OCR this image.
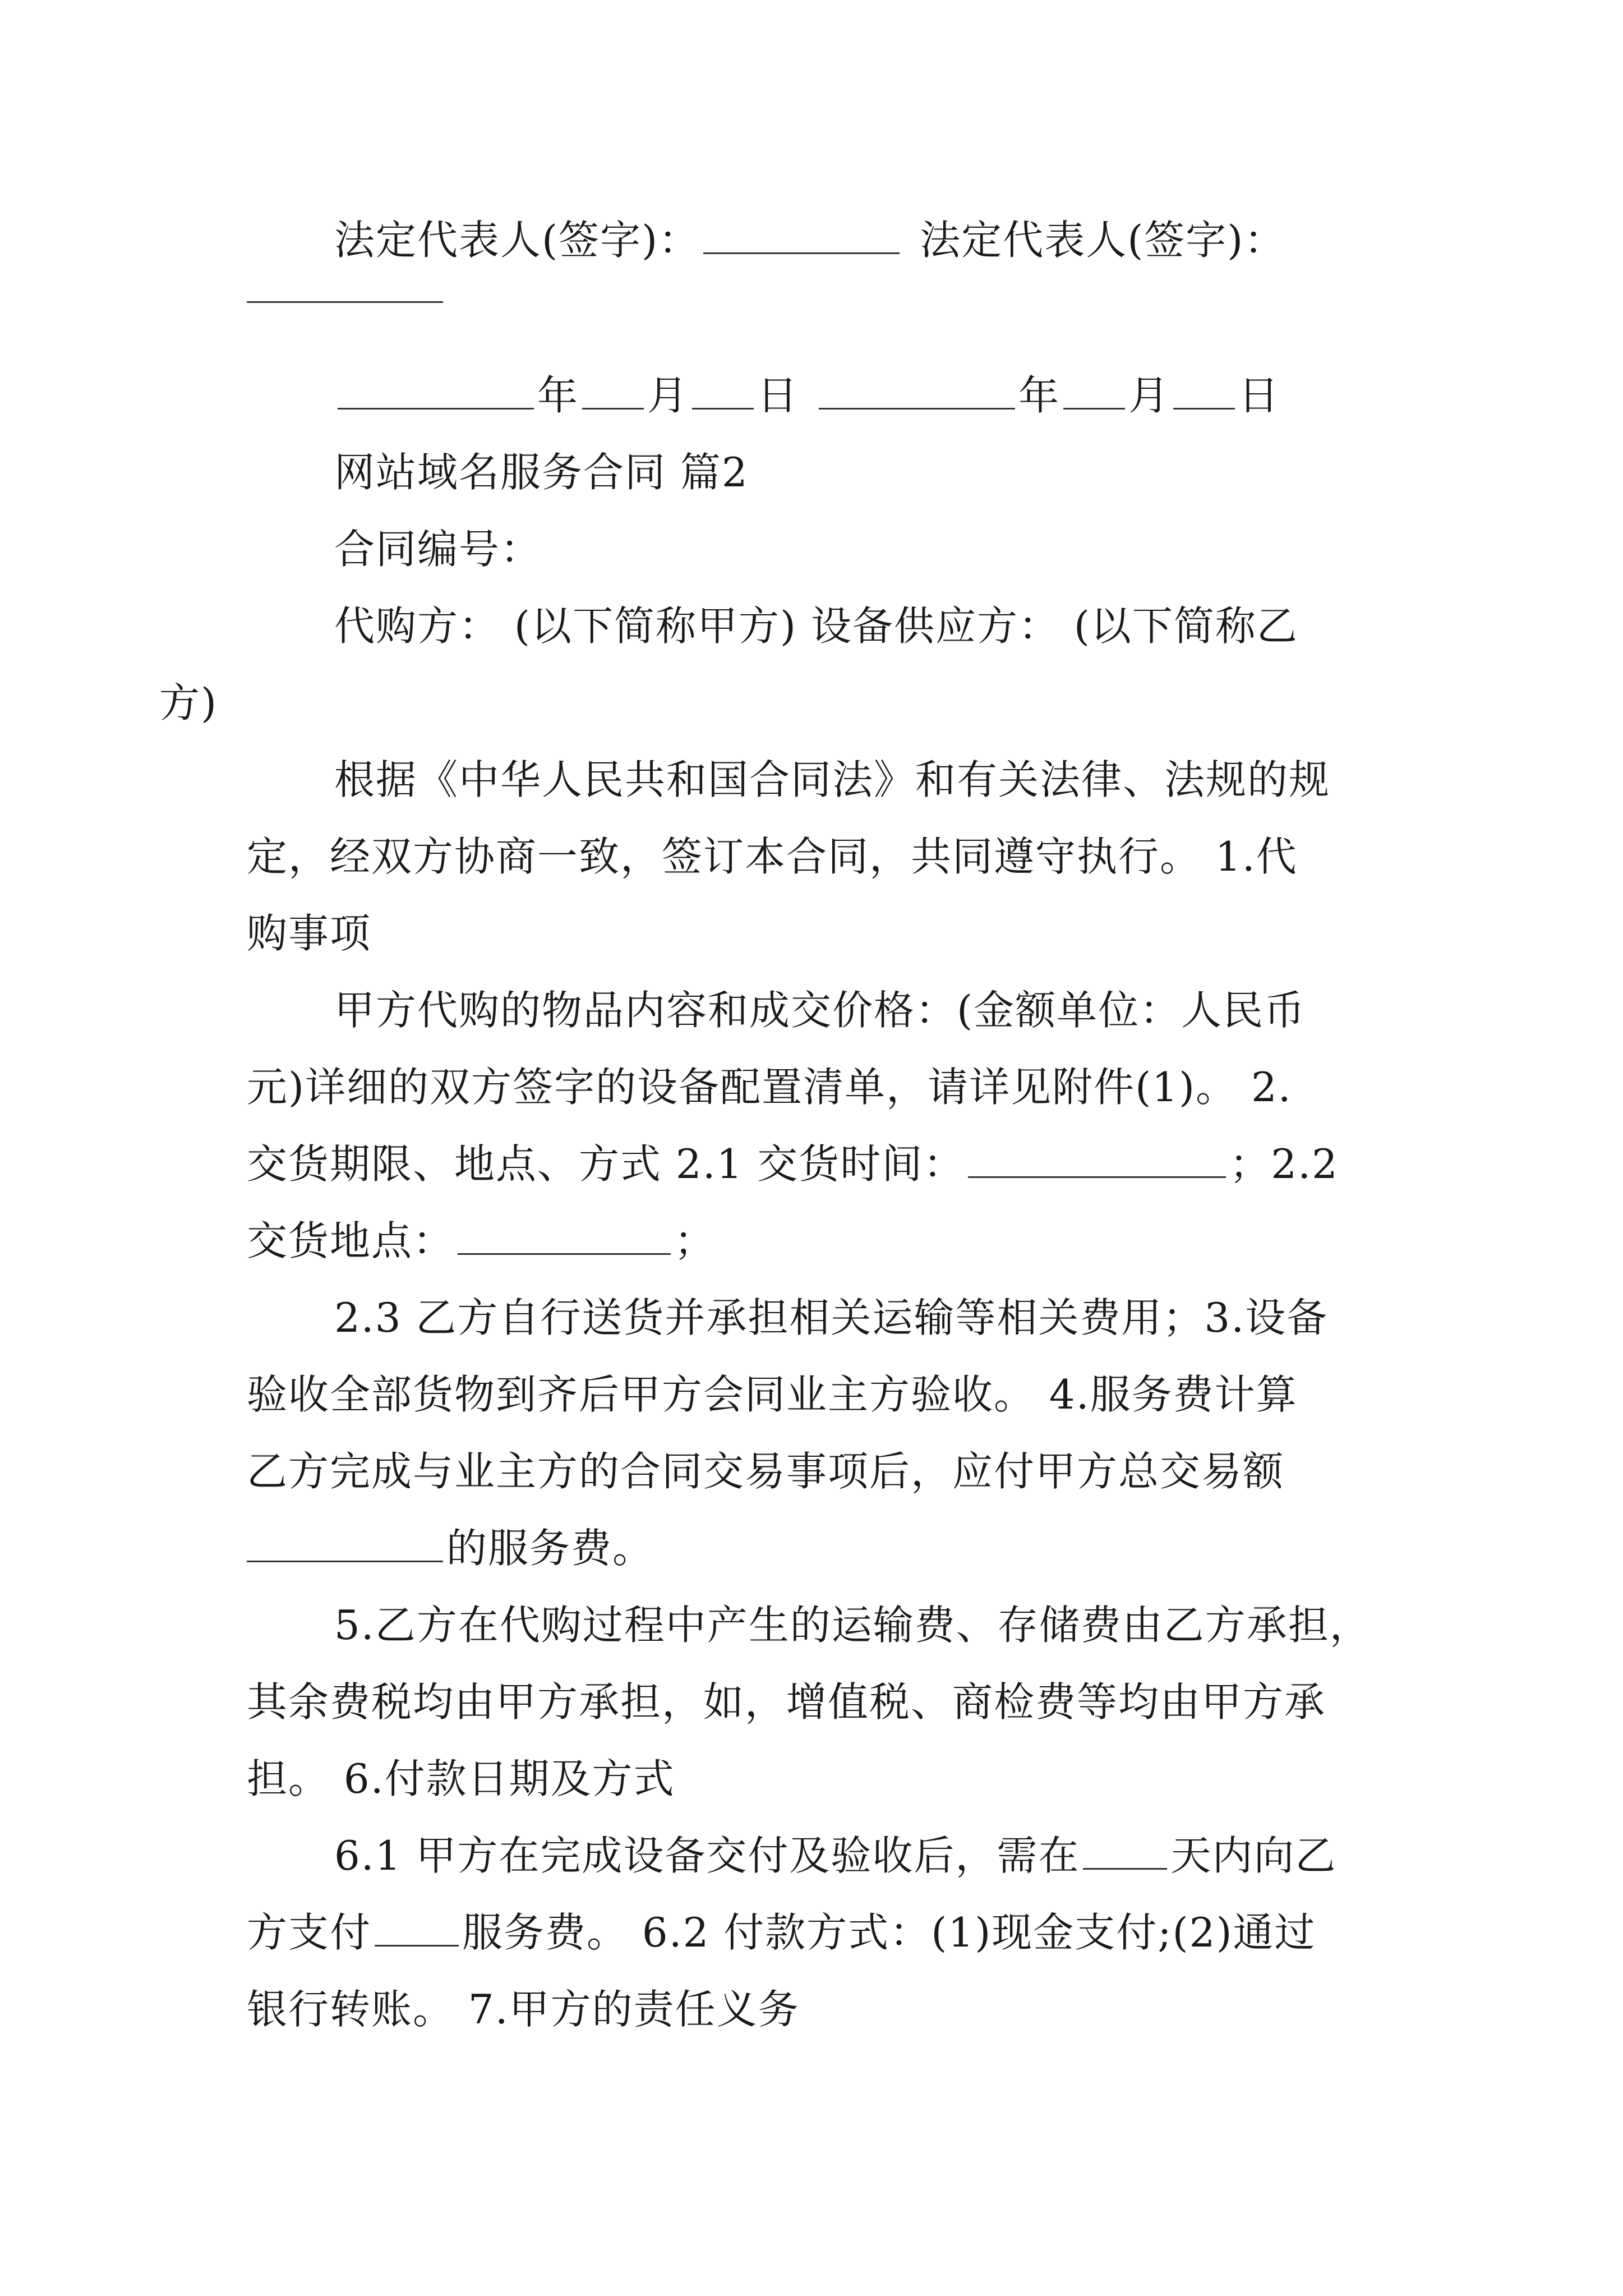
法定代表人(签字)：	法定代表人(签字)：

年 月 日	年 月 日

网站域名服务合同 篇2

合同编号：

代购方： (以下简称甲方) 设备供应方： (以下简称乙
方)

根据《中华人民共和国合同法》和有关法律、法规的规
定，经双方协商一致，签订本合同，共同遵守执行。 1.代
购事项

甲方代购的物品内容和成交价格：(金额单位：人民币
元)详细的双方签字的设备配置清单，请详见附件(1)。 2.
交货期限、地点、方式 2.1 交货时间：	；2.2
交货地点：	；

2.3 乙方自行送货并承担相关运输等相关费用；3.设备
验收全部货物到齐后甲方会同业主方验收。 4.服务费计算
乙方完成与业主方的合同交易事项后，应付甲方总交易额
的服务费。

5.乙方在代购过程中产生的运输费、存储费由乙方承担，
其余费税均由甲方承担，如，增值税、商检费等均由甲方承
担。 6.付款日期及方式

6.1 甲方在完成设备交付及验收后，需在 天内向乙
方支付 服务费。 6.2 付款方式：(1)现金支付;(2)通过
银行转账。 7.甲方的责任义务
